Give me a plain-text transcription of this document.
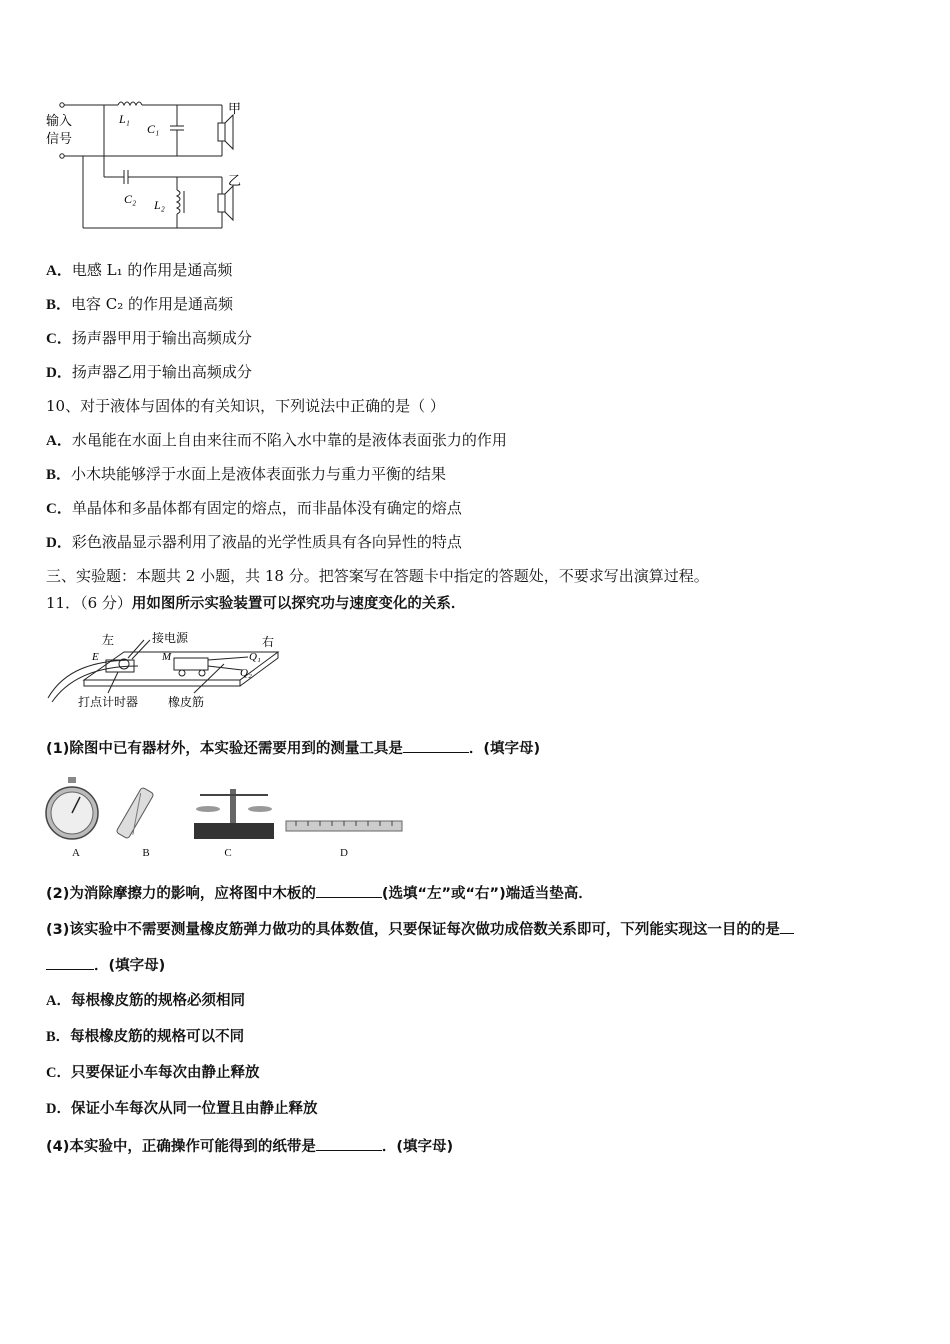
输入
信号
L₁
C₁
C₂ L₂
甲
乙
A．电感 L₁ 的作用是通高频
B．电容 C₂ 的作用是通高频
C．扬声器甲用于输出高频成分
D．扬声器乙用于输出高频成分
10、对于液体与固体的有关知识，下列说法中正确的是（ ）
A．水黾能在水面上自由来往而不陷入水中靠的是液体表面张力的作用
B．小木块能够浮于水面上是液体表面张力与重力平衡的结果
C．单晶体和多晶体都有固定的熔点，而非晶体没有确定的熔点
D．彩色液晶显示器利用了液晶的光学性质具有各向异性的特点
三、实验题：本题共 2 小题，共 18 分。把答案写在答题卡中指定的答题处，不要求写出演算过程。
11．（6 分）用如图所示实验装置可以探究功与速度变化的关系．
左	接电源	右
E	M	Q₁
Q₂
打点计时器 橡皮筋
(1)除图中已有器材外，本实验还需要用到的测量工具是	．(填字母)
A	B	C	D
(2)为消除摩擦力的影响，应将图中木板的	(选填“左”或“右”)端适当垫高．
(3)该实验中不需要测量橡皮筋弹力做功的具体数值，只要保证每次做功成倍数关系即可，下列能实现这一目的的是
．(填字母)
A．每根橡皮筋的规格必须相同
B．每根橡皮筋的规格可以不同
C．只要保证小车每次由静止释放
D．保证小车每次从同一位置且由静止释放
(4)本实验中，正确操作可能得到的纸带是	．(填字母)
